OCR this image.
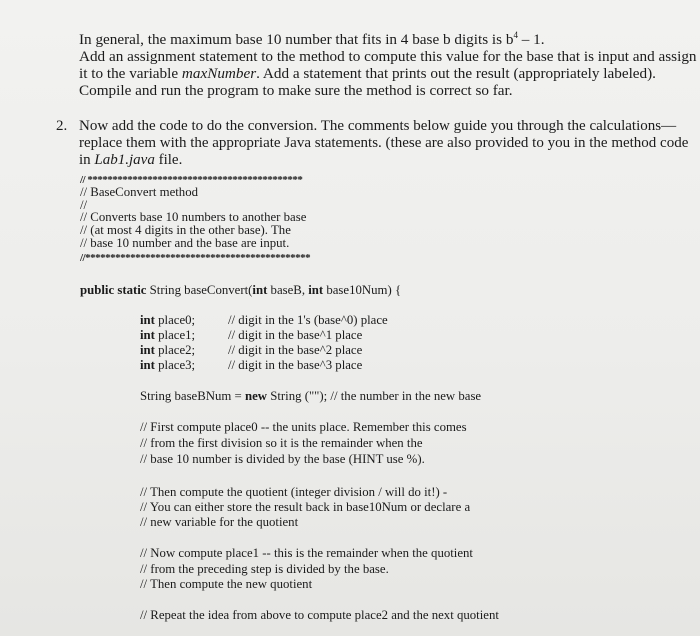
In general, the maximum base 10 number that fits in 4 base b digits is $b^4 - 1$.
Add an assignment statement to the method to compute this value for the base that is input and assign
it to the variable maxNumber. Add a statement that prints out the result (appropriately labeled).
Compile and run the program to make sure the method is correct so far.
2. Now add the code to do the conversion. The comments below guide you through the calculations—
replace them with the appropriate Java statements. (these are also provided to you in the method code
in Lab1.java file.
// *******************************************
// BaseConvert method
//
// Converts base 10 numbers to another base
// (at most 4 digits in the other base). The
// base 10 number and the base are input.
//*********************************************
public static String baseConvert(int baseB, int base10Num) {
int place0;	// digit in the 1's (base^0) place
int place1;	// digit in the base^1 place
int place2;	// digit in the base^2 place
int place3;	// digit in the base^3 place
String baseBNum = new String (""); // the number in the new base
// First compute place0 -- the units place. Remember this comes
// from the first division so it is the remainder when the
// base 10 number is divided by the base (HINT use %).
// Then compute the quotient (integer division / will do it!) -
// You can either store the result back in base10Num or declare a
// new variable for the quotient
// Now compute place1 -- this is the remainder when the quotient
// from the preceding step is divided by the base.
// Then compute the new quotient
// Repeat the idea from above to compute place2 and the next quotient
